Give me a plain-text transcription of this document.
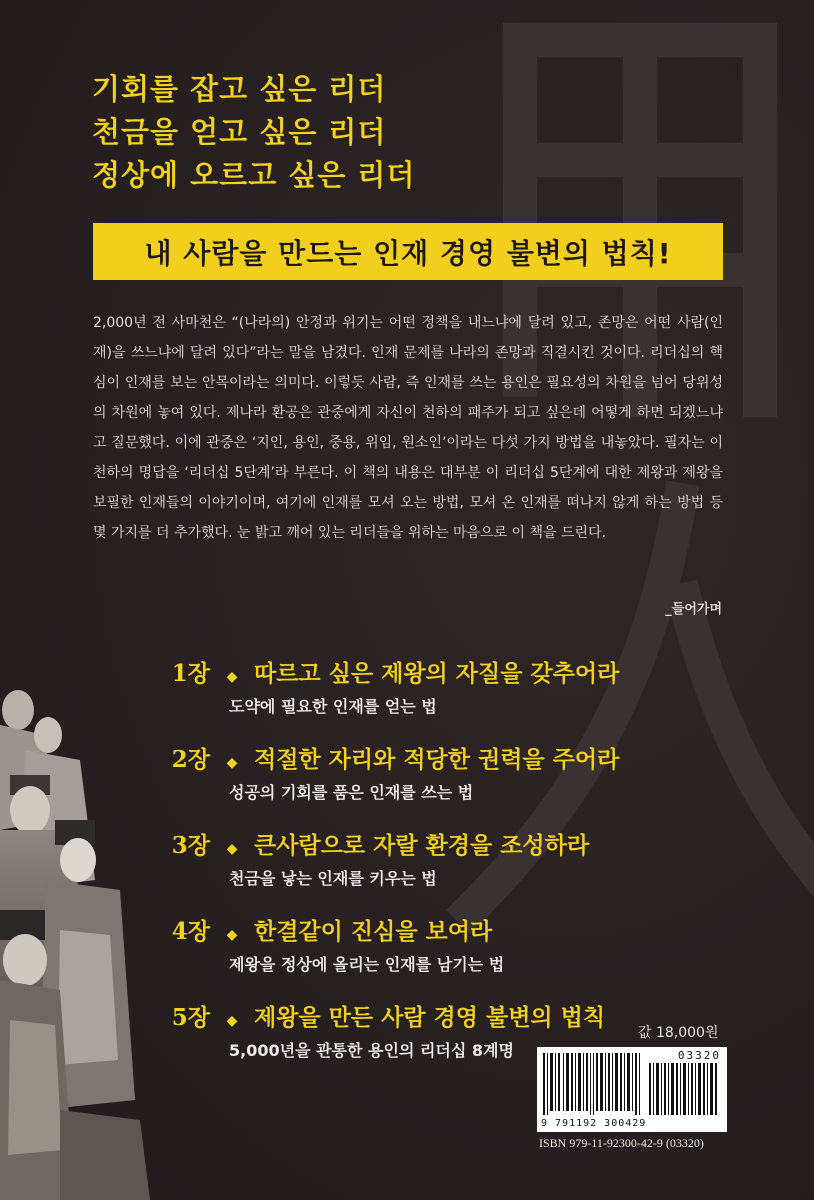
기회를 잡고 싶은 리더
천금을 얻고 싶은 리더
정상에 오르고 싶은 리더
내 사람을 만드는 인재 경영 불변의 법칙!

2,000년 전 사마천은 “(나라의) 안정과 위기는 어떤 정책을 내느냐에 달려 있고, 존망은 어떤 사람(인재)을 쓰느냐에 달려 있다”라는 말을 남겼다. 인재 문제를 나라의 존망과 직결시킨 것이다. 리더십의 핵심이 인재를 보는 안목이라는 의미다. 이렇듯 사람, 즉 인재를 쓰는 용인은 필요성의 차원을 넘어 당위성의 차원에 놓여 있다. 제나라 환공은 관중에게 자신이 천하의 패주가 되고 싶은데 어떻게 하면 되겠느냐고 질문했다. 이에 관중은 ‘지인, 용인, 중용, 위임, 원소인’이라는 다섯 가지 방법을 내놓았다. 필자는 이 천하의 명답을 ‘리더십 5단계’라 부른다. 이 책의 내용은 대부분 이 리더십 5단계에 대한 제왕과 제왕을 보필한 인재들의 이야기이며, 여기에 인재를 모셔 오는 방법, 모셔 온 인재를 떠나지 않게 하는 방법 등 몇 가지를 더 추가했다. 눈 밝고 깨어 있는 리더들을 위하는 마음으로 이 책을 드린다.

_들어가며
1장	◆ 따르고 싶은 제왕의 자질을 갖추어라
도약에 필요한 인재를 얻는 법
2장	◆ 적절한 자리와 적당한 권력을 주어라
성공의 기회를 품은 인재를 쓰는 법
3장	◆ 큰사람으로 자랄 환경을 조성하라
천금을 낳는 인재를 키우는 법
4장	◆ 한결같이 진심을 보여라
제왕을 정상에 올리는 인재를 남기는 법
5장	◆ 제왕을 만든 사람 경영 불변의 법칙
5,000년을 관통한 용인의 리더십 8계명
값 18,000원
03320
9 791192 300429
ISBN 979-11-92300-42-9 (03320)
